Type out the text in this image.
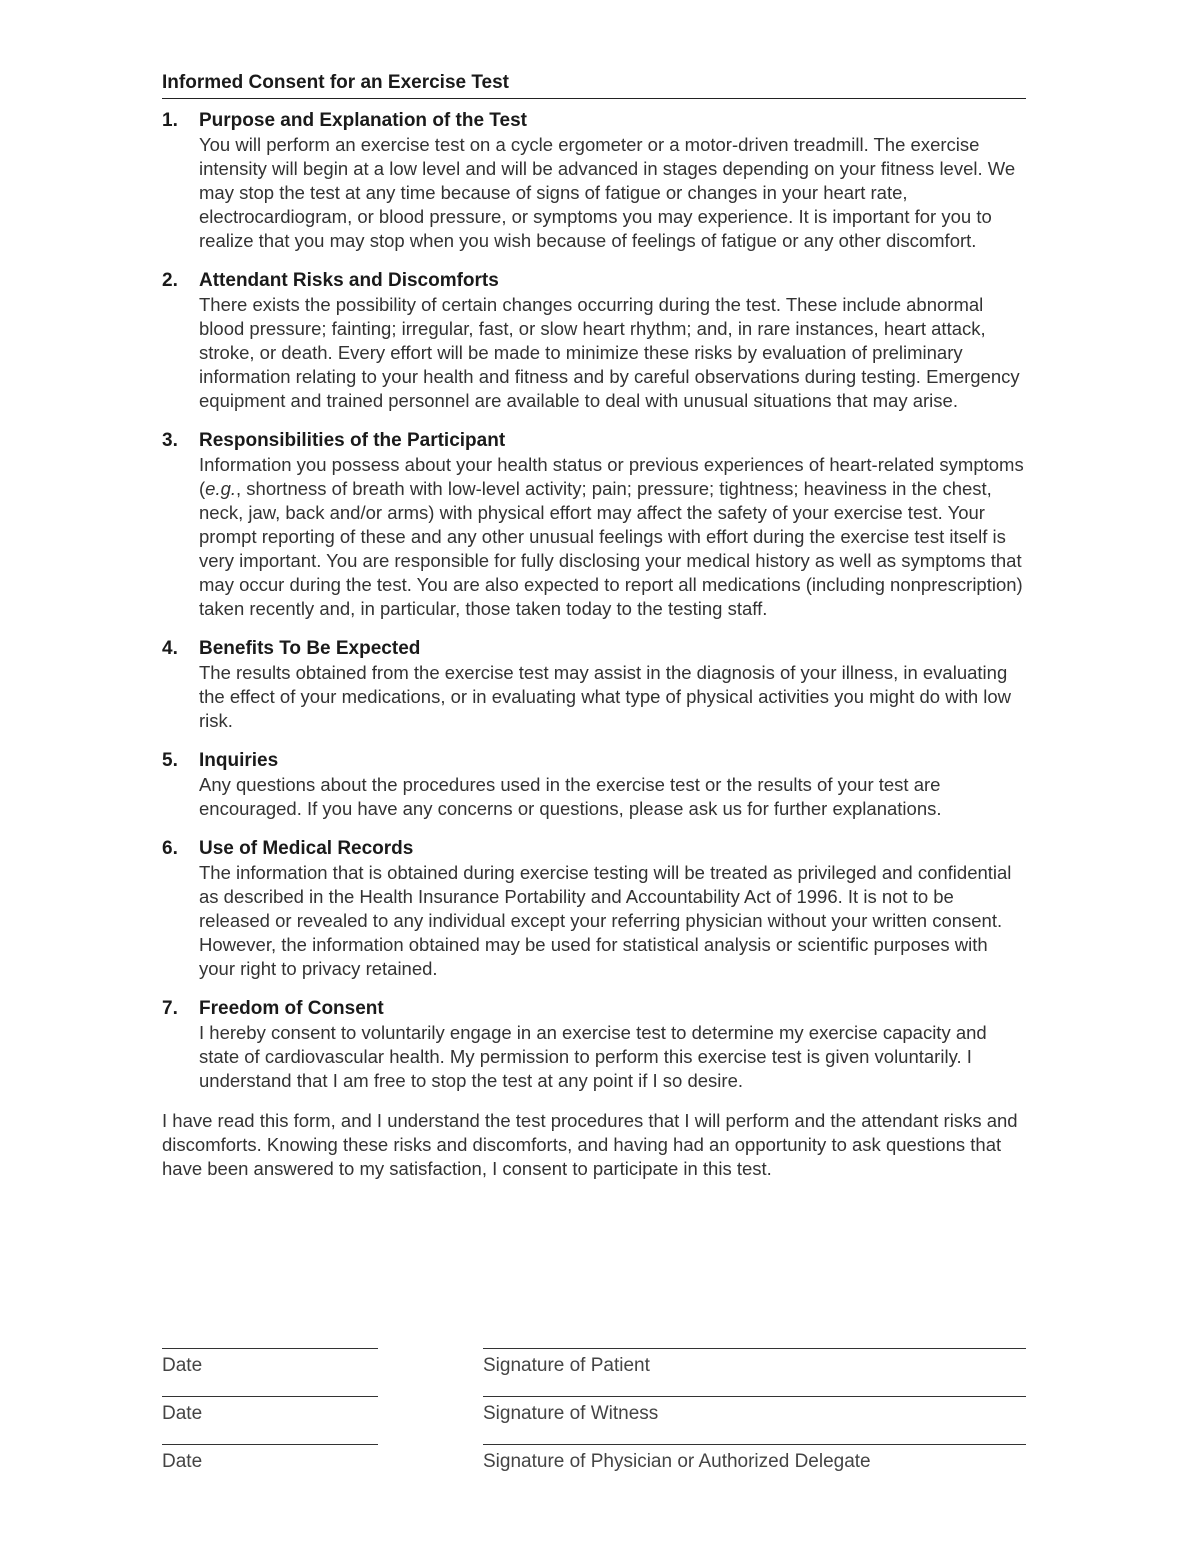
Informed Consent for an Exercise Test
1. Purpose and Explanation of the Test

You will perform an exercise test on a cycle ergometer or a motor-driven treadmill. The exercise intensity will begin at a low level and will be advanced in stages depending on your fitness level. We may stop the test at any time because of signs of fatigue or changes in your heart rate, electrocardiogram, or blood pressure, or symptoms you may experience. It is important for you to realize that you may stop when you wish because of feelings of fatigue or any other discomfort.

2. Attendant Risks and Discomforts

There exists the possibility of certain changes occurring during the test. These include abnormal blood pressure; fainting; irregular, fast, or slow heart rhythm; and, in rare instances, heart attack, stroke, or death. Every effort will be made to minimize these risks by evaluation of preliminary information relating to your health and fitness and by careful observations during testing. Emergency equipment and trained personnel are available to deal with unusual situations that may arise.

3. Responsibilities of the Participant

Information you possess about your health status or previous experiences of heart-related symptoms (e.g., shortness of breath with low-level activity; pain; pressure; tightness; heaviness in the chest, neck, jaw, back and/or arms) with physical effort may affect the safety of your exercise test. Your prompt reporting of these and any other unusual feelings with effort during the exercise test itself is very important. You are responsible for fully disclosing your medical history as well as symptoms that may occur during the test. You are also expected to report all medications (including nonprescription) taken recently and, in particular, those taken today to the testing staff.

4. Benefits To Be Expected

The results obtained from the exercise test may assist in the diagnosis of your illness, in evaluating the effect of your medications, or in evaluating what type of physical activities you might do with low risk.

5. Inquiries

Any questions about the procedures used in the exercise test or the results of your test are encouraged. If you have any concerns or questions, please ask us for further explanations.

6. Use of Medical Records

The information that is obtained during exercise testing will be treated as privileged and confidential as described in the Health Insurance Portability and Accountability Act of 1996. It is not to be released or revealed to any individual except your referring physician without your written consent. However, the information obtained may be used for statistical analysis or scientific purposes with your right to privacy retained.

7. Freedom of Consent

I hereby consent to voluntarily engage in an exercise test to determine my exercise capacity and state of cardiovascular health. My permission to perform this exercise test is given voluntarily. I understand that I am free to stop the test at any point if I so desire.

I have read this form, and I understand the test procedures that I will perform and the attendant risks and discomforts. Knowing these risks and discomforts, and having had an opportunity to ask questions that have been answered to my satisfaction, I consent to participate in this test.

Date	Signature of Patient
Date	Signature of Witness
Date	Signature of Physician or Authorized Delegate
